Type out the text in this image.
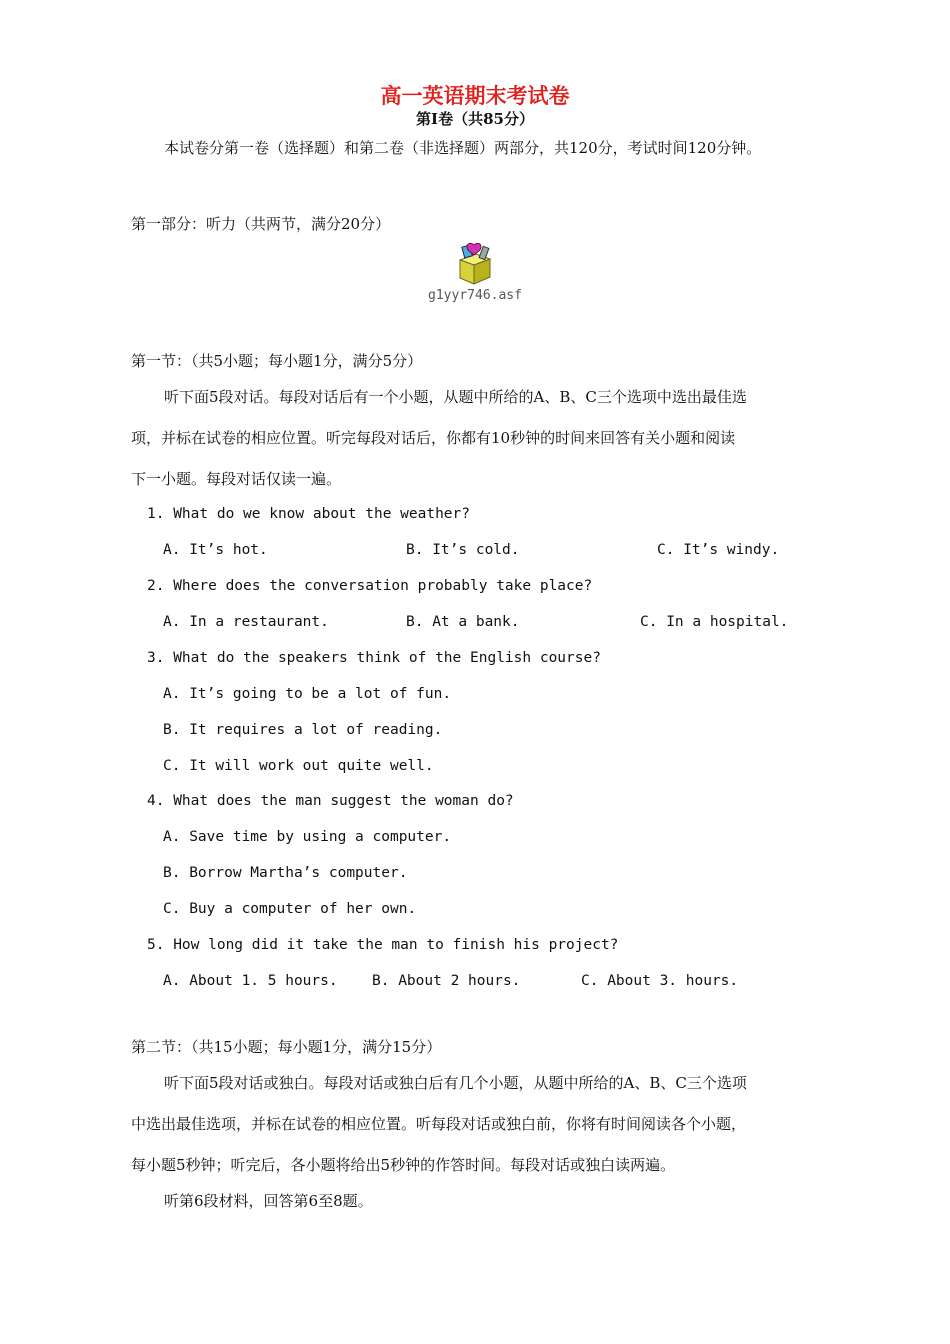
高一英语期末考试卷
第I卷（共85分）
本试卷分第一卷（选择题）和第二卷（非选择题）两部分，共120分，考试时间120分钟。
第一部分：听力（共两节，满分20分）
g1yyr746.asf
第一节：（共5小题；每小题1分，满分5分）
听下面5段对话。每段对话后有一个小题，从题中所给的A、B、C三个选项中选出最佳选
项，并标在试卷的相应位置。听完每段对话后，你都有10秒钟的时间来回答有关小题和阅读
下一小题。每段对话仅读一遍。
1. What do we know about the weather?
A. It’s hot.	B. It’s cold.	C. It’s windy.
2. Where does the conversation probably take place?
A. In a restaurant.	B. At a bank.	C. In a hospital.
3. What do the speakers think of the English course?
A. It’s going to be a lot of fun.
B. It requires a lot of reading.
C. It will work out quite well.
4. What does the man suggest the woman do?
A. Save time by using a computer.
B. Borrow Martha’s computer.
C. Buy a computer of her own.
5. How long did it take the man to finish his project?
A. About 1. 5 hours. B. About 2 hours.	C. About 3. hours.
第二节：（共15小题；每小题1分，满分15分）
听下面5段对话或独白。每段对话或独白后有几个小题，从题中所给的A、B、C三个选项
中选出最佳选项，并标在试卷的相应位置。听每段对话或独白前，你将有时间阅读各个小题，
每小题5秒钟；听完后，各小题将给出5秒钟的作答时间。每段对话或独白读两遍。
听第6段材料，回答第6至8题。
